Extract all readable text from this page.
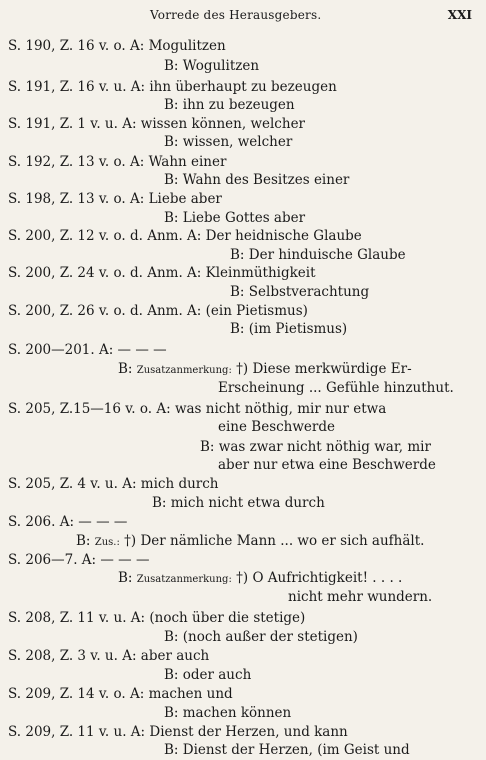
Vorrede des Herausgebers.	XXI
S. 190, Z. 16 v. o. A: Mogulitzen
B: Wogulitzen
S. 191, Z. 16 v. u. A: ihn überhaupt zu bezeugen
B: ihn zu bezeugen
S. 191, Z. 1 v. u. A: wissen können, welcher
B: wissen, welcher
S. 192, Z. 13 v. o. A: Wahn einer
B: Wahn des Besitzes einer
S. 198, Z. 13 v. o. A: Liebe aber
B: Liebe Gottes aber
S. 200, Z. 12 v. o. d. Anm. A: Der heidnische Glaube
B: Der hinduische Glaube
S. 200, Z. 24 v. o. d. Anm. A: Kleinmüthigkeit
B: Selbstverachtung
S. 200, Z. 26 v. o. d. Anm. A: (ein Pietismus)
B: (im Pietismus)
S. 200—201. A: — — —
B: Zusatzanmerkung: †) Diese merkwürdige Er-
Erscheinung ... Gefühle hinzuthut.
S. 205, Z.15—16 v. o. A: was nicht nöthig, mir nur etwa
eine Beschwerde
B: was zwar nicht nöthig war, mir
aber nur etwa eine Beschwerde
S. 205, Z. 4 v. u. A: mich durch
B: mich nicht etwa durch
S. 206. A: — — —
B: Zus.: †) Der nämliche Mann ... wo er sich aufhält.
S. 206—7. A: — — —
B: Zusatzanmerkung: †) O Aufrichtigkeit! . . . .
nicht mehr wundern.
S. 208, Z. 11 v. u. A: (noch über die stetige)
B: (noch außer der stetigen)
S. 208, Z. 3 v. u. A: aber auch
B: oder auch
S. 209, Z. 14 v. o. A: machen und
B: machen können
S. 209, Z. 11 v. u. A: Dienst der Herzen, und kann
B: Dienst der Herzen, (im Geist und
